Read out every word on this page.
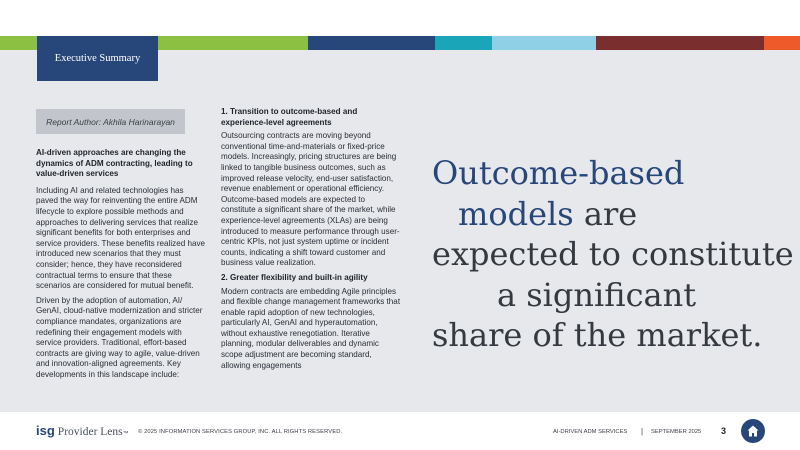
Executive Summary
Report Author: Akhila Harinarayan

AI-driven approaches are changing the dynamics of ADM contracting, leading to value-driven services

Including AI and related technologies has paved the way for reinventing the entire ADM lifecycle to explore possible methods and approaches to delivering services that realize significant benefits for both enterprises and service providers. These benefits realized have introduced new scenarios that they must consider; hence, they have reconsidered contractual terms to ensure that these scenarios are considered for mutual benefit.

Driven by the adoption of automation, AI/ GenAI, cloud-native modernization and stricter compliance mandates, organizations are redefining their engagement models with service providers. Traditional, effort-based contracts are giving way to agile, value-driven and innovation-aligned agreements. Key developments in this landscape include:

1. Transition to outcome-based and experience-level agreements

Outsourcing contracts are moving beyond conventional time-and-materials or fixed-price models. Increasingly, pricing structures are being linked to tangible business outcomes, such as improved release velocity, end-user satisfaction, revenue enablement or operational efficiency. Outcome-based models are expected to constitute a significant share of the market, while experience-level agreements (XLAs) are being introduced to measure performance through user-centric KPIs, not just system uptime or incident counts, indicating a shift toward customer and business value realization.

2. Greater flexibility and built-in agility

Modern contracts are embedding Agile principles and flexible change management frameworks that enable rapid adoption of new technologies, particularly AI, GenAI and hyperautomation, without exhaustive renegotiation. Iterative planning, modular deliverables and dynamic scope adjustment are becoming standard, allowing engagements

Outcome-based
models are
expected to constitute
a significant
share of the market.
isg Provider Lens ™ © 2025 INFORMATION SERVICES GROUP, INC. ALL RIGHTS RESERVED.	AI-DRIVEN ADM SERVICES | SEPTEMBER 2025 3
